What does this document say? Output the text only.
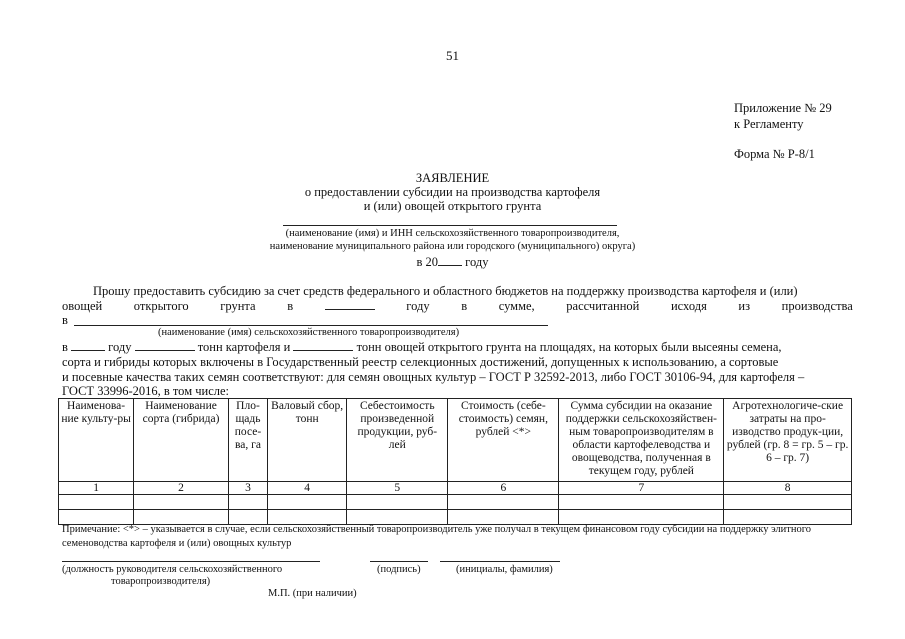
51
Приложение № 29
к Регламенту
Форма № Р-8/1
ЗАЯВЛЕНИЕ
о предоставлении субсидии на производства картофеля
и (или) овощей открытого грунта
(наименование (имя) и ИНН сельскохозяйственного товаропроизводителя,
наименование муниципального района или городского (муниципального) округа)
в 20 году
Прошу предоставить субсидию за счет средств федерального и областного бюджетов на поддержку производства картофеля и (или)
овощей	открытого	грунта	в	году	в	сумме,	рассчитанной	исходя	из	производства
в
(наименование (имя) сельскохозяйственного товаропроизводителя)
в	году	тонн картофеля и	тонн овощей открытого грунта на площадях, на которых были высеяны семена,
сорта и гибриды которых включены в Государственный реестр селекционных достижений, допущенных к использованию, а сортовые
и посевные качества таких семян соответствуют: для семян овощных культур – ГОСТ Р 32592-2013, либо ГОСТ 30106-94, для картофеля –
ГОСТ 33996-2016, в том числе:
Наименова-ние культу-ры	Наименование сорта (гибрида)	Пло-щадь посе-ва, га	Валовый сбор, тонн	Себестоимость произведенной продукции, руб-лей	Стоимость (себе-стоимость) семян, рублей <*>	Сумма субсидии на оказание поддержки сельскохозяйствен-ным товаропроизводителям в области картофелеводства и овощеводства, полученная в текущем году, рублей	Агротехнологиче-ские затраты на про-изводство продук-ции, рублей (гр. 8 = гр. 5 – гр. 6 – гр. 7)
1	2	3	4	5	6	7	8

Примечание: <*> – указывается в случае, если сельскохозяйственный товаропроизводитель уже получал в текущем финансовом году субсидии на поддержку элитного
семеноводства картофеля и (или) овощных культур
(должность руководителя сельскохозяйственного
товаропроизводителя)
(подпись)	(инициалы, фамилия)
М.П. (при наличии)
